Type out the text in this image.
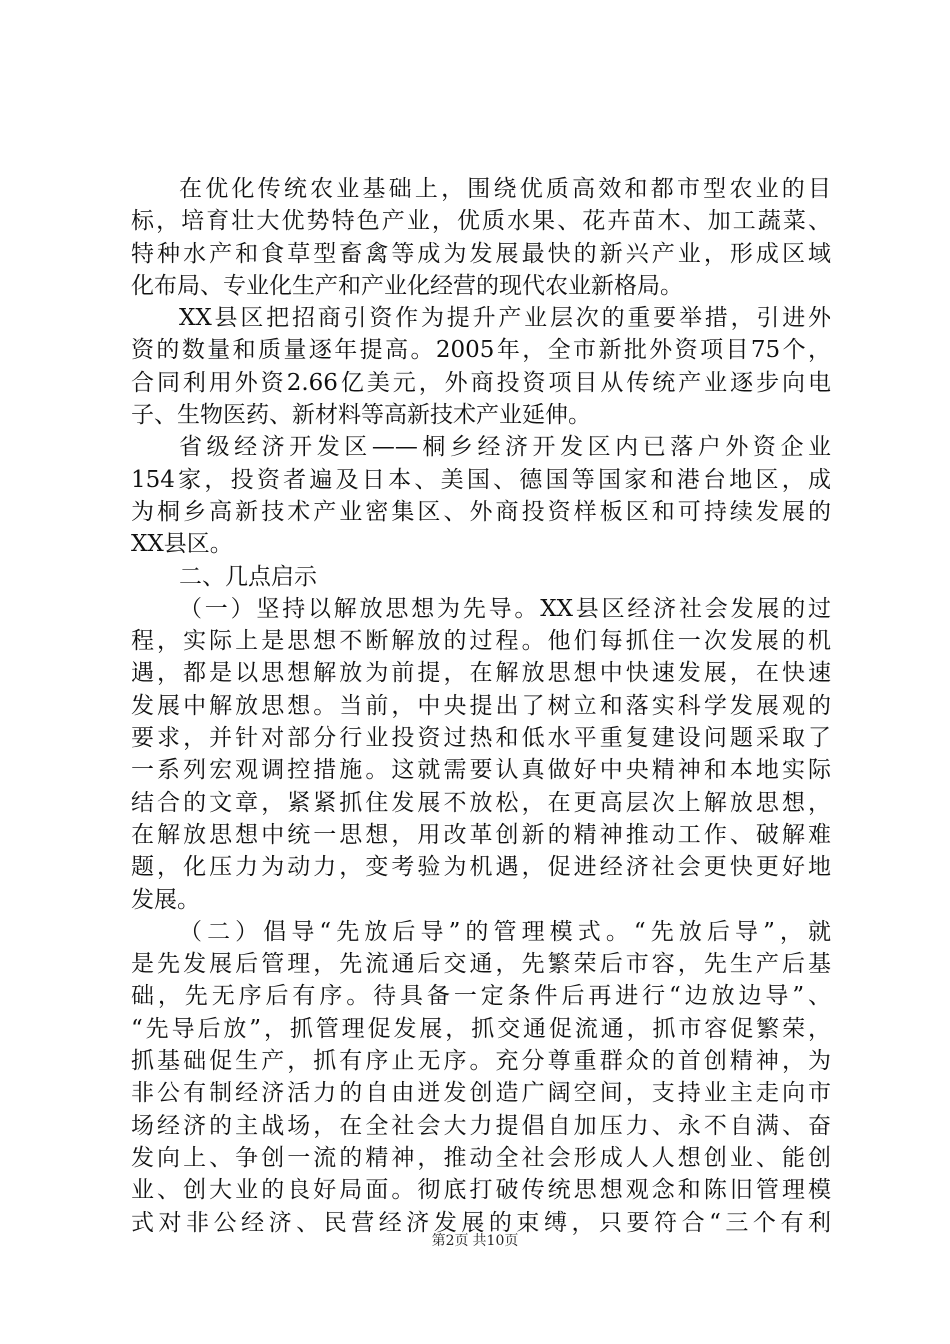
在优化传统农业基础上，围绕优质高效和都市型农业的目
标，培育壮大优势特色产业，优质水果、花卉苗木、加工蔬菜、
特种水产和食草型畜禽等成为发展最快的新兴产业，形成区域
化布局、专业化生产和产业化经营的现代农业新格局。
XX县区把招商引资作为提升产业层次的重要举措，引进外
资的数量和质量逐年提高。2005年，全市新批外资项目75个，
合同利用外资2.66亿美元，外商投资项目从传统产业逐步向电
子、生物医药、新材料等高新技术产业延伸。
省级经济开发区——桐乡经济开发区内已落户外资企业
154家，投资者遍及日本、美国、德国等国家和港台地区，成
为桐乡高新技术产业密集区、外商投资样板区和可持续发展的
XX县区。
二、几点启示
（一）坚持以解放思想为先导。XX县区经济社会发展的过
程，实际上是思想不断解放的过程。他们每抓住一次发展的机
遇，都是以思想解放为前提，在解放思想中快速发展，在快速
发展中解放思想。当前，中央提出了树立和落实科学发展观的
要求，并针对部分行业投资过热和低水平重复建设问题采取了
一系列宏观调控措施。这就需要认真做好中央精神和本地实际
结合的文章，紧紧抓住发展不放松，在更高层次上解放思想，
在解放思想中统一思想，用改革创新的精神推动工作、破解难
题，化压力为动力，变考验为机遇，促进经济社会更快更好地
发展。
（二）倡导“先放后导”的管理模式。“先放后导”，就
是先发展后管理，先流通后交通，先繁荣后市容，先生产后基
础，先无序后有序。待具备一定条件后再进行“边放边导”、
“先导后放”，抓管理促发展，抓交通促流通，抓市容促繁荣，
抓基础促生产，抓有序止无序。充分尊重群众的首创精神，为
非公有制经济活力的自由迸发创造广阔空间，支持业主走向市
场经济的主战场，在全社会大力提倡自加压力、永不自满、奋
发向上、争创一流的精神，推动全社会形成人人想创业、能创
业、创大业的良好局面。彻底打破传统思想观念和陈旧管理模
式对非公经济、民营经济发展的束缚，只要符合“三个有利
第2页 共10页
